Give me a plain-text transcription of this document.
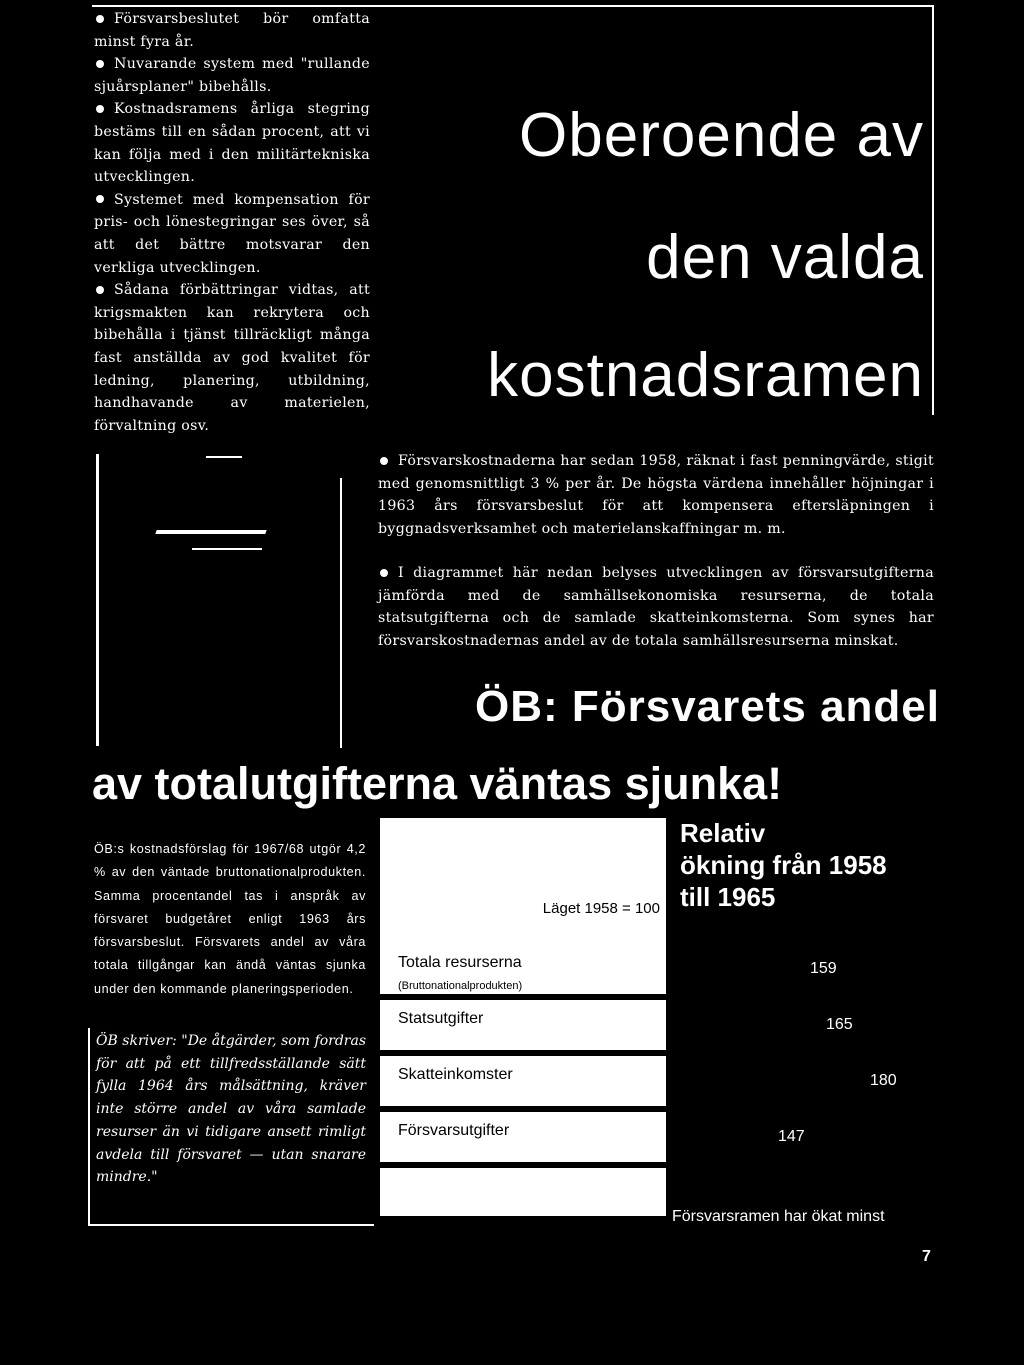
Försvarsbeslutet bör omfatta minst fyra år.

Nuvarande system med "rullande sjuårsplaner" bibehålls.

Kostnadsramens årliga stegring bestäms till en sådan procent, att vi kan följa med i den militärtekniska utvecklingen.

Systemet med kompensation för pris- och lönestegringar ses över, så att det bättre motsvarar den verkliga utvecklingen.

Sådana förbättringar vidtas, att krigsmakten kan rekrytera och bibehålla i tjänst tillräckligt många fast anställda av god kvalitet för ledning, planering, utbildning, handhavande av materielen, förvaltning osv.

Oberoende av
den valda
kostnadsramen

Försvarskostnaderna har sedan 1958, räknat i fast penningvärde, stigit med genomsnittligt 3 % per år. De högsta värdena innehåller höjningar i 1963 års försvarsbeslut för att kompensera eftersläpningen i byggnadsverksamhet och materielanskaffningar m. m.

I diagrammet här nedan belyses utvecklingen av försvarsutgifterna jämförda med de samhällsekonomiska resurserna, de totala statsutgifterna och de samlade skatteinkomsterna. Som synes har försvarskostnadernas andel av de totala samhällsresurserna minskat.

ÖB: Försvarets andel
av totalutgifterna väntas sjunka!
ÖB:s kostnadsförslag för 1967/68 utgör 4,2 % av den väntade bruttonationalprodukten. Samma procentandel tas i anspråk av försvaret budgetåret enligt 1963 års försvarsbeslut. Försvarets andel av våra totala tillgångar kan ändå väntas sjunka under den kommande planeringsperioden.
ÖB skriver: "De åtgärder, som fordras för att på ett tillfredsställande sätt fylla 1964 års målsättning, kräver inte större andel av våra samlade resurser än vi tidigare ansett rimligt avdela till försvaret — utan snarare mindre."
Relativ
ökning från 1958
till 1965
Läget 1958 = 100
Totala resurserna
(Bruttonationalprodukten)
Statsutgifter
Skatteinkomster
Försvarsutgifter
159
165
180
147
Försvarsramen har ökat minst
7
